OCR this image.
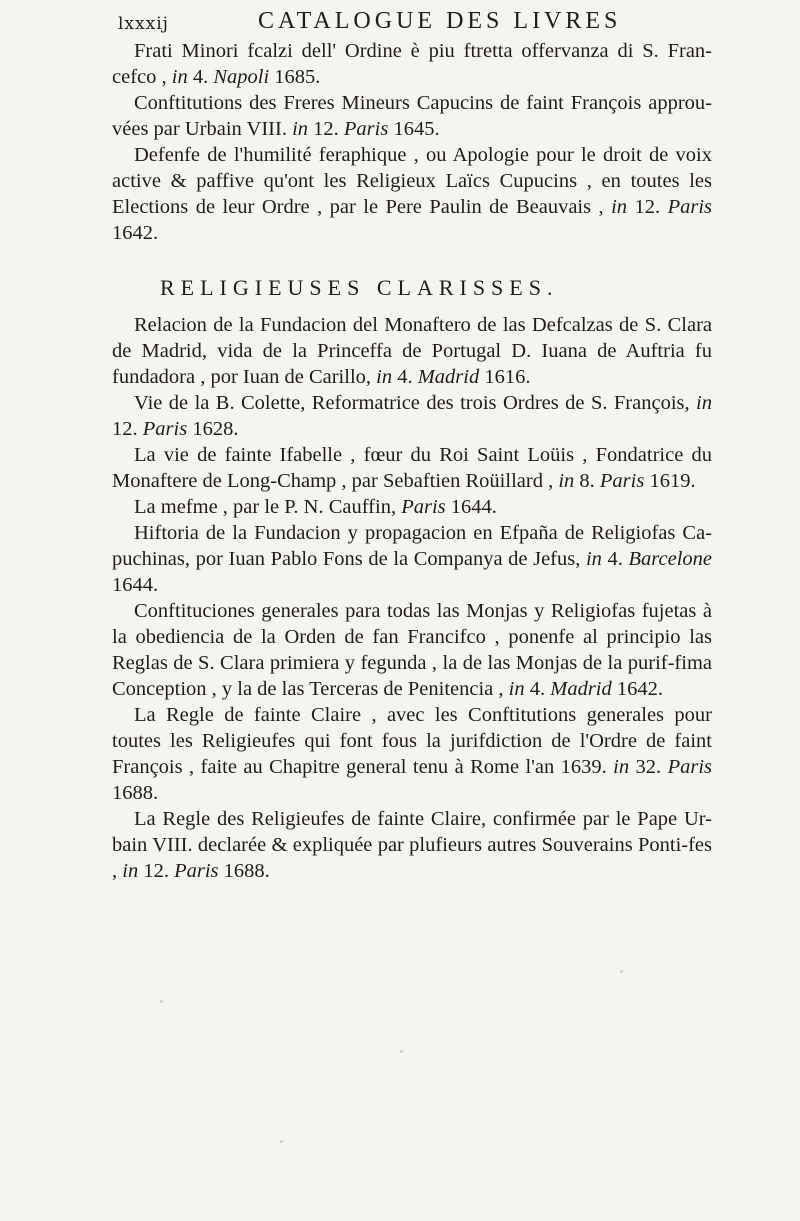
lxxxij	CATALOGUE DES LIVRES

Frati Minori fcalzi dell' Ordine è piu ftretta offervanza di S. Fran-cefco , in 4. Napoli 1685.

Conftitutions des Freres Mineurs Capucins de faint François approu-vées par Urbain VIII. in 12. Paris 1645.

Defenfe de l'humilité feraphique , ou Apologie pour le droit de voix active & paffive qu'ont les Religieux Laïcs Cupucins , en toutes les Elections de leur Ordre , par le Pere Paulin de Beauvais , in 12. Paris 1642.

RELIGIEUSES CLARISSES.

Relacion de la Fundacion del Monaftero de las Defcalzas de S. Clara de Madrid, vida de la Princeffa de Portugal D. Iuana de Auftria fu fundadora , por Iuan de Carillo, in 4. Madrid 1616.

Vie de la B. Colette, Reformatrice des trois Ordres de S. François, in 12. Paris 1628.

La vie de fainte Ifabelle , fœur du Roi Saint Loüis , Fondatrice du Monaftere de Long-Champ , par Sebaftien Roüillard , in 8. Paris 1619.

La mefme , par le P. N. Cauffin, Paris 1644.

Hiftoria de la Fundacion y propagacion en Efpaña de Religiofas Ca-puchinas, por Iuan Pablo Fons de la Companya de Jefus, in 4. Barcelone 1644.

Conftituciones generales para todas las Monjas y Religiofas fujetas à la obediencia de la Orden de fan Francifco , ponenfe al principio las Reglas de S. Clara primiera y fegunda , la de las Monjas de la purif-fima Conception , y la de las Terceras de Penitencia , in 4. Madrid 1642.

La Regle de fainte Claire , avec les Conftitutions generales pour toutes les Religieufes qui font fous la jurifdiction de l'Ordre de faint François , faite au Chapitre general tenu à Rome l'an 1639. in 32. Paris 1688.

La Regle des Religieufes de fainte Claire, confirmée par le Pape Ur-bain VIII. declarée & expliquée par plufieurs autres Souverains Ponti-fes , in 12. Paris 1688.
